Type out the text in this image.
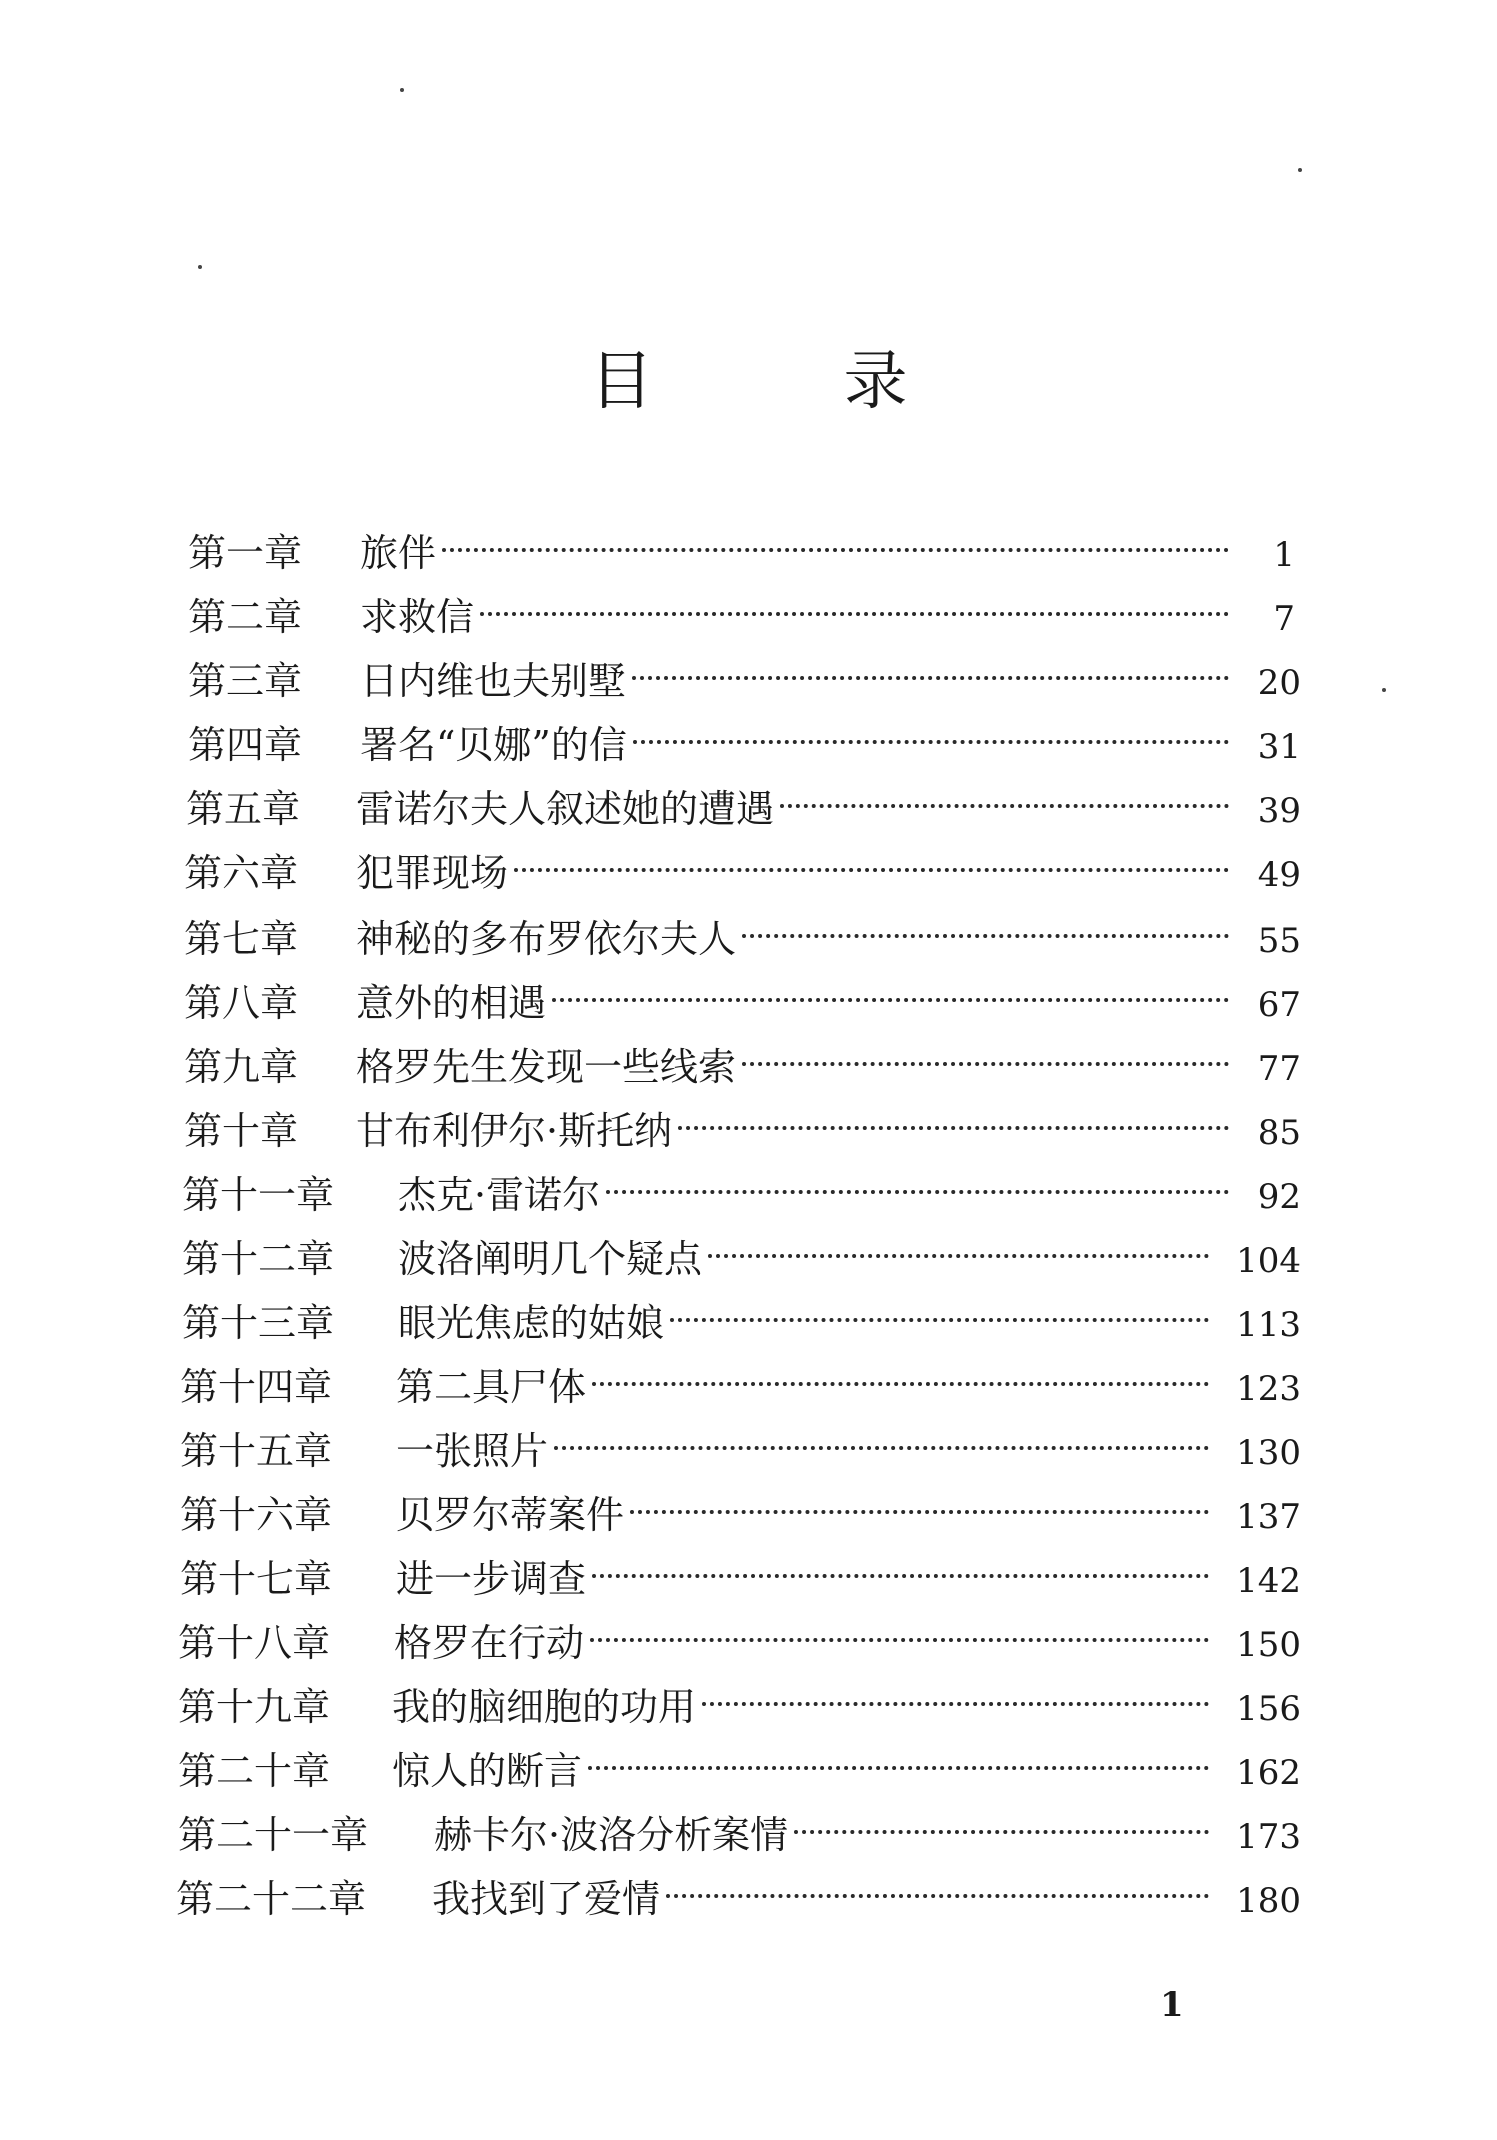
目	录
第一章	旅伴	1
第二章	求救信	7
第三章	日内维也夫别墅	20
第四章	署名“贝娜”的信	31
第五章	雷诺尔夫人叙述她的遭遇	39
第六章	犯罪现场	49
第七章	神秘的多布罗依尔夫人	55
第八章	意外的相遇	67
第九章	格罗先生发现一些线索	77
第十章	甘布利伊尔·斯托纳	85
第十一章	杰克·雷诺尔	92
第十二章	波洛阐明几个疑点	104
第十三章	眼光焦虑的姑娘	113
第十四章	第二具尸体	123
第十五章	一张照片	130
第十六章	贝罗尔蒂案件	137
第十七章	进一步调查	142
第十八章	格罗在行动	150
第十九章	我的脑细胞的功用	156
第二十章	惊人的断言	162
第二十一章	赫卡尔·波洛分析案情	173
第二十二章	我找到了爱情	180
1
